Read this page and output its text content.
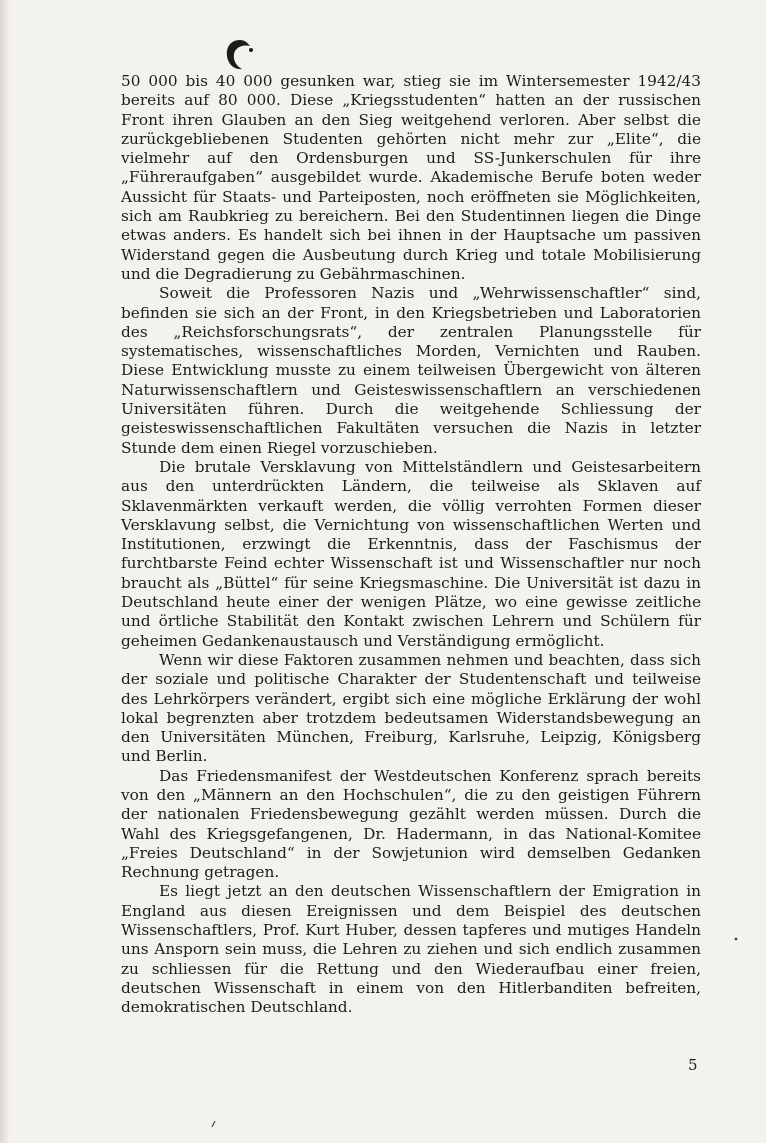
50 000 bis 40 000 gesunken war, stieg sie im Wintersemester 1942/43 bereits auf 80 000. Diese „Kriegsstudenten“ hatten an der russischen Front ihren Glauben an den Sieg weitgehend verloren. Aber selbst die zurückgebliebenen Studenten gehörten nicht mehr zur „Elite“, die vielmehr auf den Ordensburgen und SS-Junkerschulen für ihre „Führeraufgaben“ ausgebildet wurde. Akademische Berufe boten weder Aussicht für Staats- und Parteiposten, noch eröffneten sie Möglichkeiten, sich am Raubkrieg zu bereichern. Bei den Studentinnen liegen die Dinge etwas anders. Es handelt sich bei ihnen in der Hauptsache um passiven Widerstand gegen die Ausbeutung durch Krieg und totale Mobilisierung und die Degradierung zu Gebährmaschinen.

Soweit die Professoren Nazis und „Wehrwissenschaftler“ sind, befinden sie sich an der Front, in den Kriegsbetrieben und Laboratorien des „Reichsforschungsrats“, der zentralen Planungsstelle für systematisches, wissenschaftliches Morden, Vernichten und Rauben. Diese Entwicklung musste zu einem teilweisen Übergewicht von älteren Naturwissenschaftlern und Geisteswissenschaftlern an verschiedenen Universitäten führen. Durch die weitgehende Schliessung der geisteswissenschaftlichen Fakultäten versuchen die Nazis in letzter Stunde dem einen Riegel vorzuschieben.

Die brutale Versklavung von Mittelständlern und Geistesarbeitern aus den unterdrückten Ländern, die teilweise als Sklaven auf Sklavenmärkten verkauft werden, die völlig verrohten Formen dieser Versklavung selbst, die Vernichtung von wissenschaftlichen Werten und Institutionen, erzwingt die Erkenntnis, dass der Faschismus der furchtbarste Feind echter Wissenschaft ist und Wissenschaftler nur noch braucht als „Büttel“ für seine Kriegsmaschine. Die Universität ist dazu in Deutschland heute einer der wenigen Plätze, wo eine gewisse zeitliche und örtliche Stabilität den Kontakt zwischen Lehrern und Schülern für geheimen Gedankenaustausch und Verständigung ermöglicht.

Wenn wir diese Faktoren zusammen nehmen und beachten, dass sich der soziale und politische Charakter der Studentenschaft und teilweise des Lehrkörpers verändert, ergibt sich eine mögliche Erklärung der wohl lokal begrenzten aber trotzdem bedeutsamen Widerstandsbewegung an den Universitäten München, Freiburg, Karlsruhe, Leipzig, Königsberg und Berlin.

Das Friedensmanifest der Westdeutschen Konferenz sprach bereits von den „Männern an den Hochschulen“, die zu den geistigen Führern der nationalen Friedensbewegung gezählt werden müssen. Durch die Wahl des Kriegsgefangenen, Dr. Hadermann, in das National-Komitee „Freies Deutschland“ in der Sowjetunion wird demselben Gedanken Rechnung getragen.

Es liegt jetzt an den deutschen Wissenschaftlern der Emigration in England aus diesen Ereignissen und dem Beispiel des deutschen Wissenschaftlers, Prof. Kurt Huber, dessen tapferes und mutiges Handeln uns Ansporn sein muss, die Lehren zu ziehen und sich endlich zusammen zu schliessen für die Rettung und den Wiederaufbau einer freien, deutschen Wissenschaft in einem von den Hitlerbanditen befreiten, demokratischen Deutschland.

5
